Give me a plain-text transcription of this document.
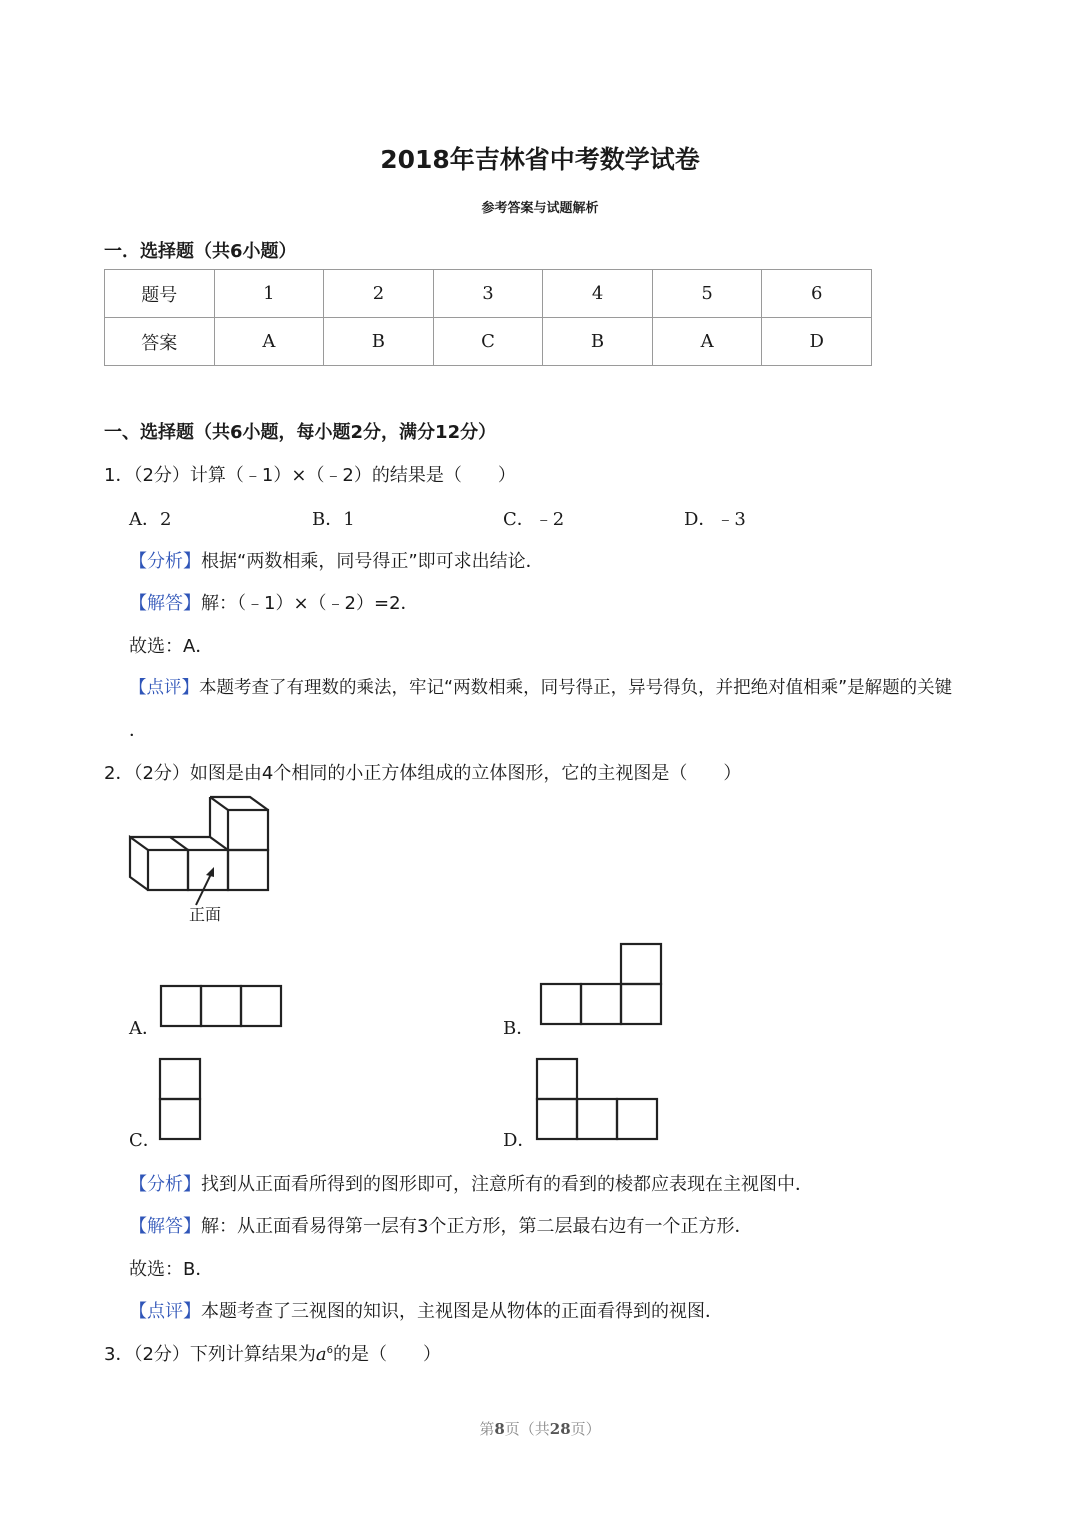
2018年吉林省中考数学试卷
参考答案与试题解析
一．选择题（共6小题）
题号	1	2	3	4	5	6
答案	A	B	C	B	A	D
一、选择题（共6小题，每小题2分，满分12分）
1．（2分）计算（﹣1）×（﹣2）的结果是（　　）
A．2	B．1	C．﹣2	D．﹣3
【分析】根据“两数相乘，同号得正”即可求出结论．
【解答】解：（﹣1）×（﹣2）=2．
故选：A．
【点评】本题考查了有理数的乘法，牢记“两数相乘，同号得正，异号得负，并把绝对值相乘”是解题的关键
．
2．（2分）如图是由4个相同的小正方体组成的立体图形，它的主视图是（　　）
正面
A．	B．
C．	D．
【分析】找到从正面看所得到的图形即可，注意所有的看到的棱都应表现在主视图中．
【解答】解：从正面看易得第一层有3个正方形，第二层最右边有一个正方形．
故选：B．
【点评】本题考查了三视图的知识，主视图是从物体的正面看得到的视图．
3．（2分）下列计算结果为$a^6$的是（　　）
第8页（共28页）
